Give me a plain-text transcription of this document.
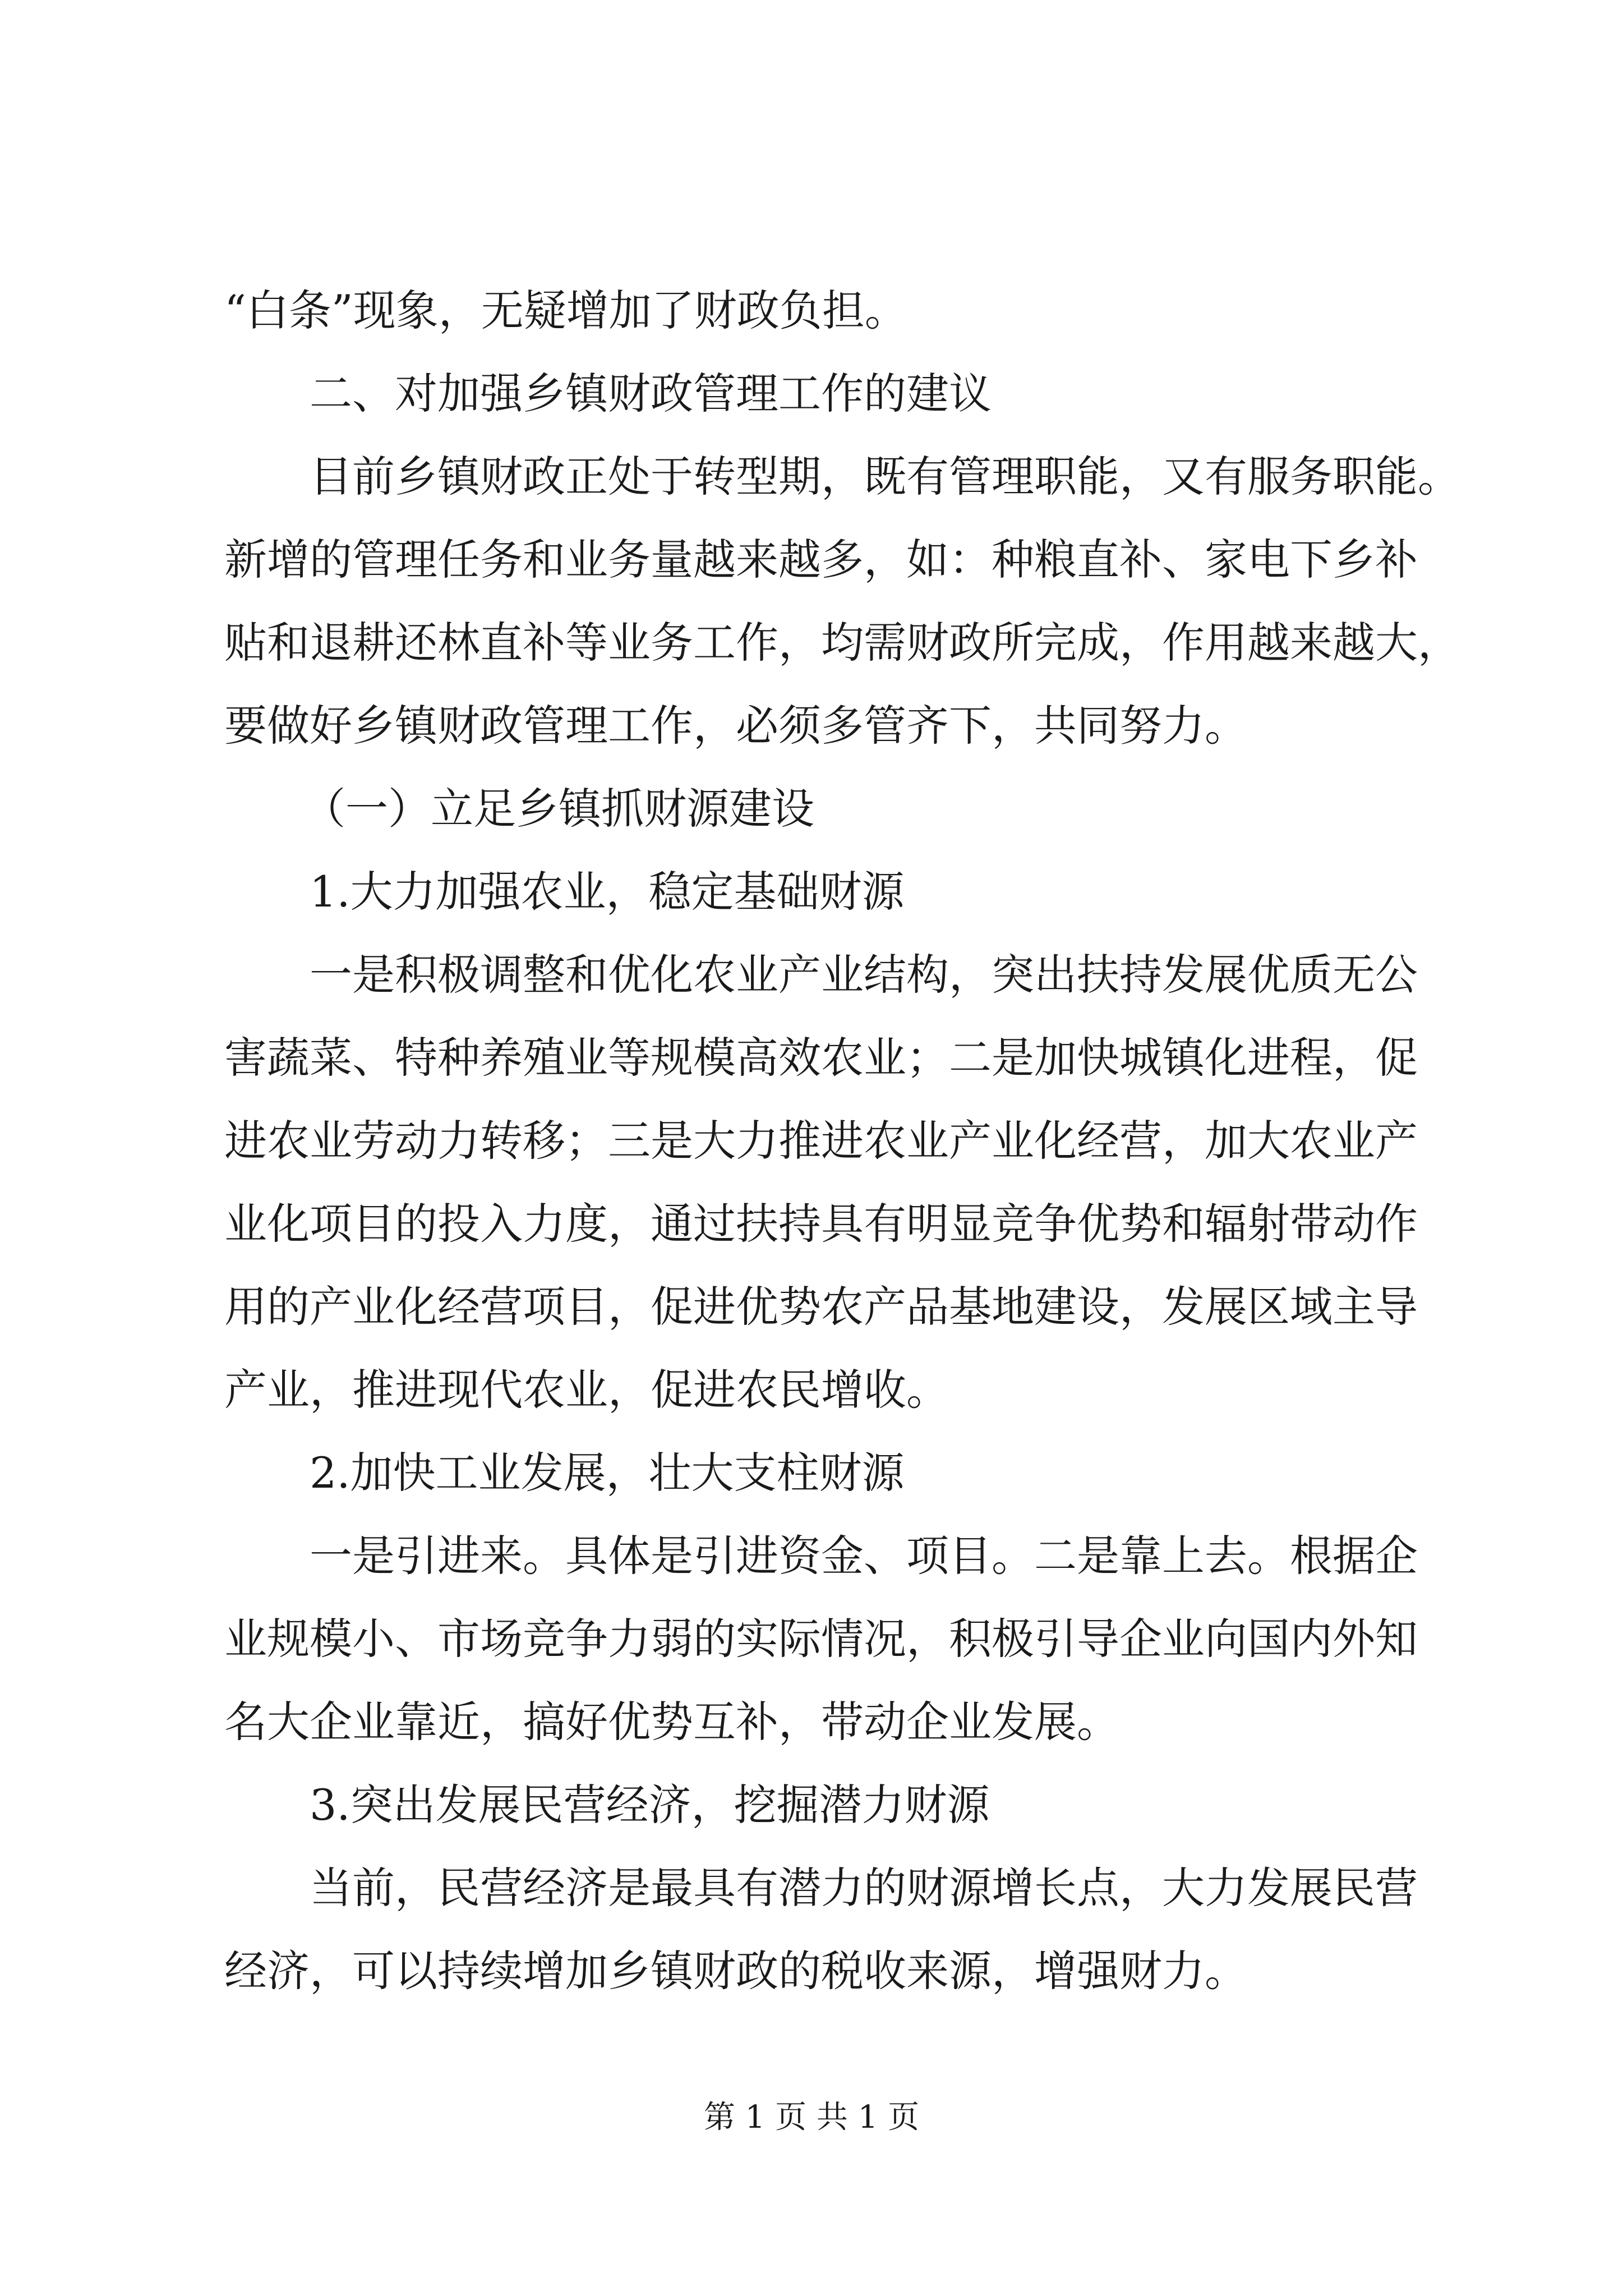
“白条”现象，无疑增加了财政负担。
二、对加强乡镇财政管理工作的建议
目前乡镇财政正处于转型期，既有管理职能，又有服务职能。
新增的管理任务和业务量越来越多，如：种粮直补、家电下乡补
贴和退耕还林直补等业务工作，均需财政所完成，作用越来越大，
要做好乡镇财政管理工作，必须多管齐下，共同努力。
（一）立足乡镇抓财源建设
1.大力加强农业，稳定基础财源
一是积极调整和优化农业产业结构，突出扶持发展优质无公
害蔬菜、特种养殖业等规模高效农业；二是加快城镇化进程，促
进农业劳动力转移；三是大力推进农业产业化经营，加大农业产
业化项目的投入力度，通过扶持具有明显竞争优势和辐射带动作
用的产业化经营项目，促进优势农产品基地建设，发展区域主导
产业，推进现代农业，促进农民增收。
2.加快工业发展，壮大支柱财源
一是引进来。具体是引进资金、项目。二是靠上去。根据企
业规模小、市场竞争力弱的实际情况，积极引导企业向国内外知
名大企业靠近，搞好优势互补，带动企业发展。
3.突出发展民营经济，挖掘潜力财源
当前，民营经济是最具有潜力的财源增长点，大力发展民营
经济，可以持续增加乡镇财政的税收来源，增强财力。
第 1 页 共 1 页
